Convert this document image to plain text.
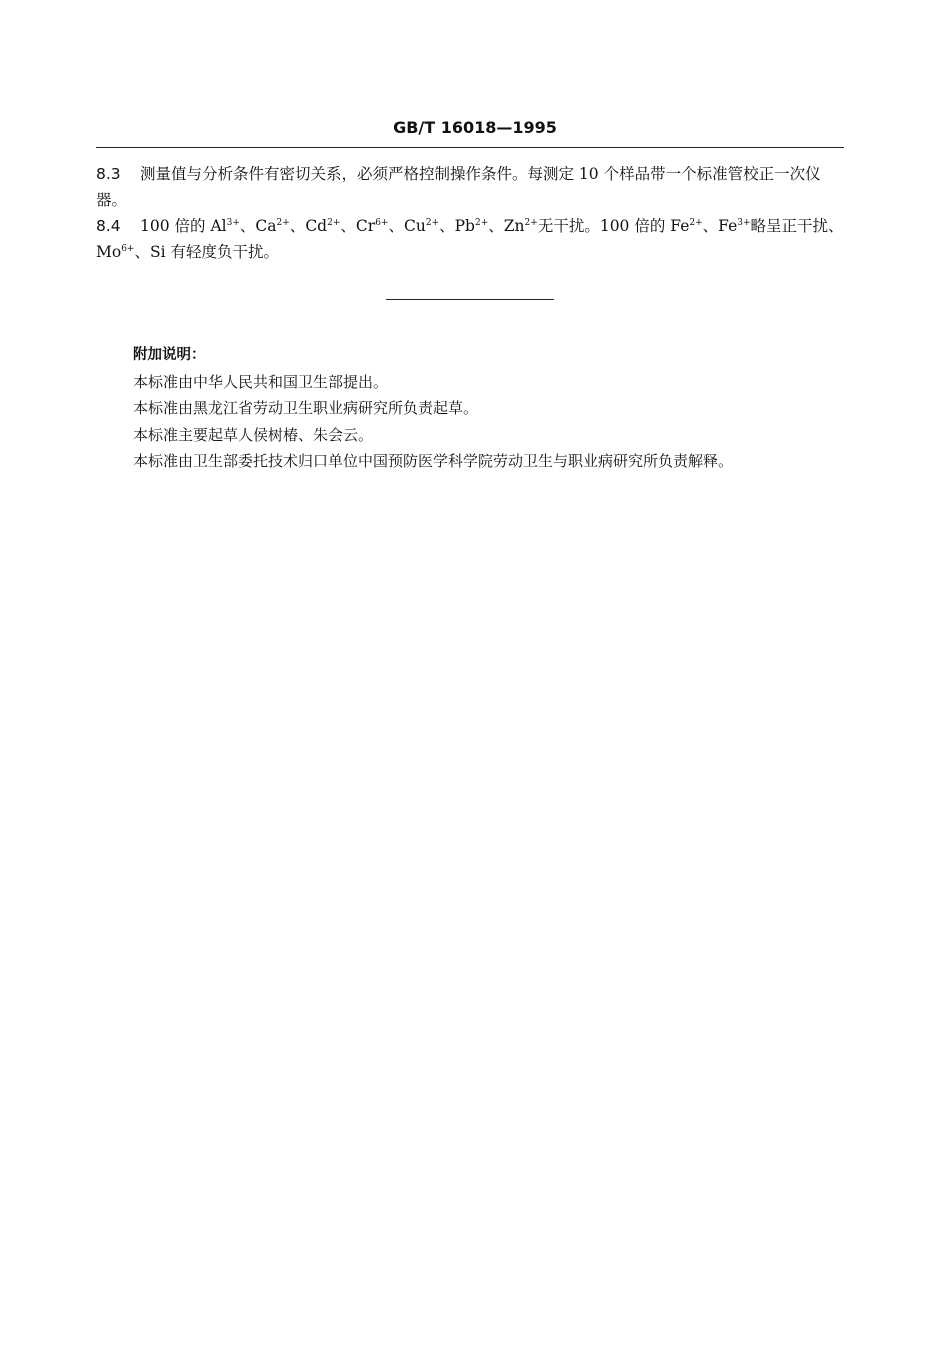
GB/T 16018—1995
8.3 测量值与分析条件有密切关系，必须严格控制操作条件。每测定 10 个样品带一个标准管校正一次仪器。
8.4 100 倍的 $Al^{3+}$、$Ca^{2+}$、$Cd^{2+}$、$Cr^{6+}$、$Cu^{2+}$、$Pb^{2+}$、$Zn^{2+}$无干扰。100 倍的 $Fe^{2+}$、$Fe^{3+}$略呈正干扰、$Mo^{6+}$、Si 有轻度负干扰。
附加说明：
本标准由中华人民共和国卫生部提出。
本标准由黑龙江省劳动卫生职业病研究所负责起草。
本标准主要起草人侯树椿、朱会云。
本标准由卫生部委托技术归口单位中国预防医学科学院劳动卫生与职业病研究所负责解释。
